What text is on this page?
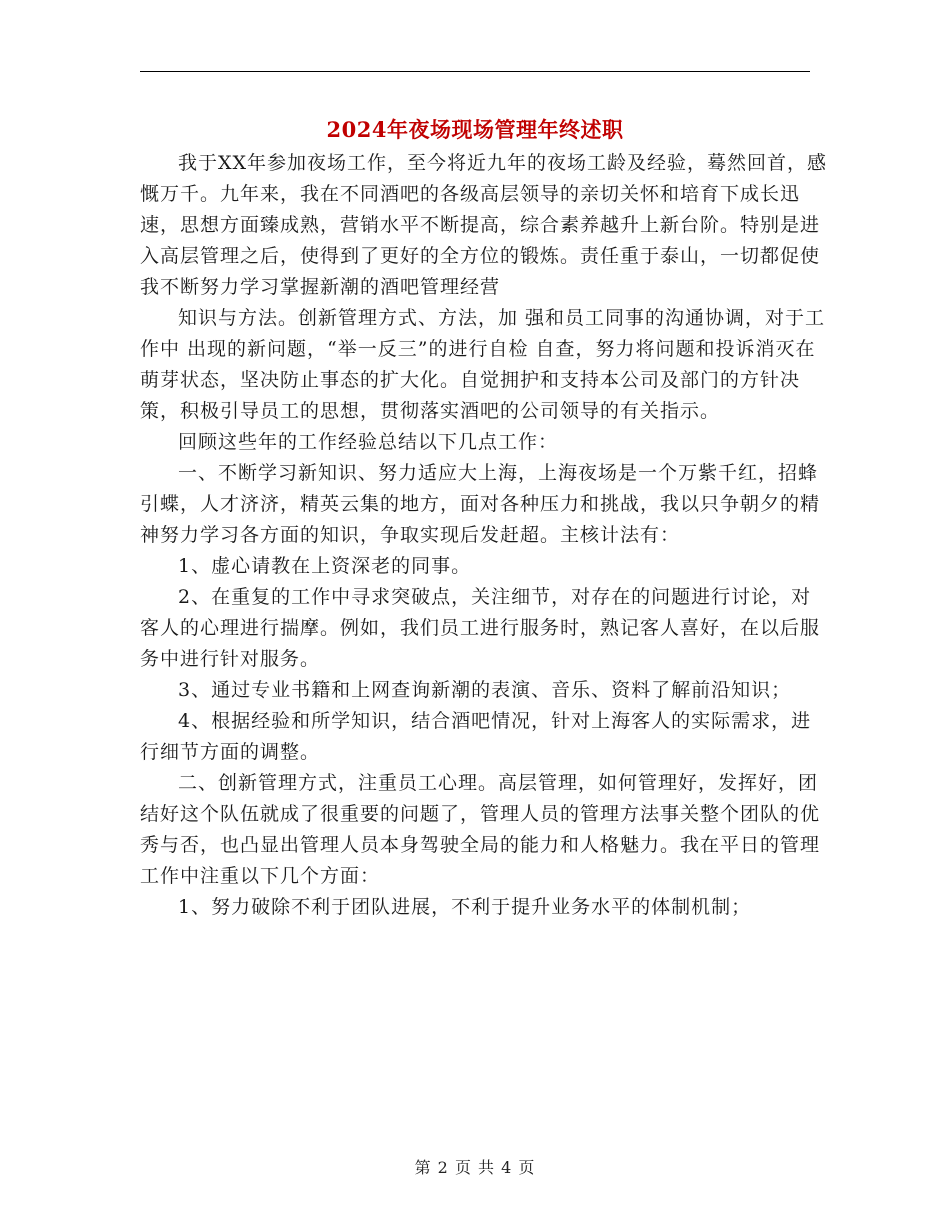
2024年夜场现场管理年终述职

我于XX年参加夜场工作，至今将近九年的夜场工龄及经验，蓦然回首，感慨万千。九年来，我在不同酒吧的各级高层领导的亲切关怀和培育下成长迅速，思想方面臻成熟，营销水平不断提高，综合素养越升上新台阶。特别是进入高层管理之后，使得到了更好的全方位的锻炼。责任重于泰山，一切都促使我不断努力学习掌握新潮的酒吧管理经营

知识与方法。创新管理方式、方法，加 强和员工同事的沟通协调，对于工作中 出现的新问题，“举一反三”的进行自检 自查，努力将问题和投诉消灭在萌芽状态，坚决防止事态的扩大化。自觉拥护和支持本公司及部门的方针决策，积极引导员工的思想，贯彻落实酒吧的公司领导的有关指示。

回顾这些年的工作经验总结以下几点工作：

一、不断学习新知识、努力适应大上海，上海夜场是一个万紫千红，招蜂引蝶，人才济济，精英云集的地方，面对各种压力和挑战，我以只争朝夕的精神努力学习各方面的知识，争取实现后发赶超。主核计法有：

1、虚心请教在上资深老的同事。

2、在重复的工作中寻求突破点，关注细节，对存在的问题进行讨论，对客人的心理进行揣摩。例如，我们员工进行服务时，熟记客人喜好，在以后服务中进行针对服务。

3、通过专业书籍和上网查询新潮的表演、音乐、资料了解前沿知识；

4、根据经验和所学知识，结合酒吧情况，针对上海客人的实际需求，进行细节方面的调整。

二、创新管理方式，注重员工心理。高层管理，如何管理好，发挥好，团结好这个队伍就成了很重要的问题了，管理人员的管理方法事关整个团队的优秀与否，也凸显出管理人员本身驾驶全局的能力和人格魅力。我在平日的管理工作中注重以下几个方面：

1、努力破除不利于团队进展，不利于提升业务水平的体制机制；

第 2 页 共 4 页
